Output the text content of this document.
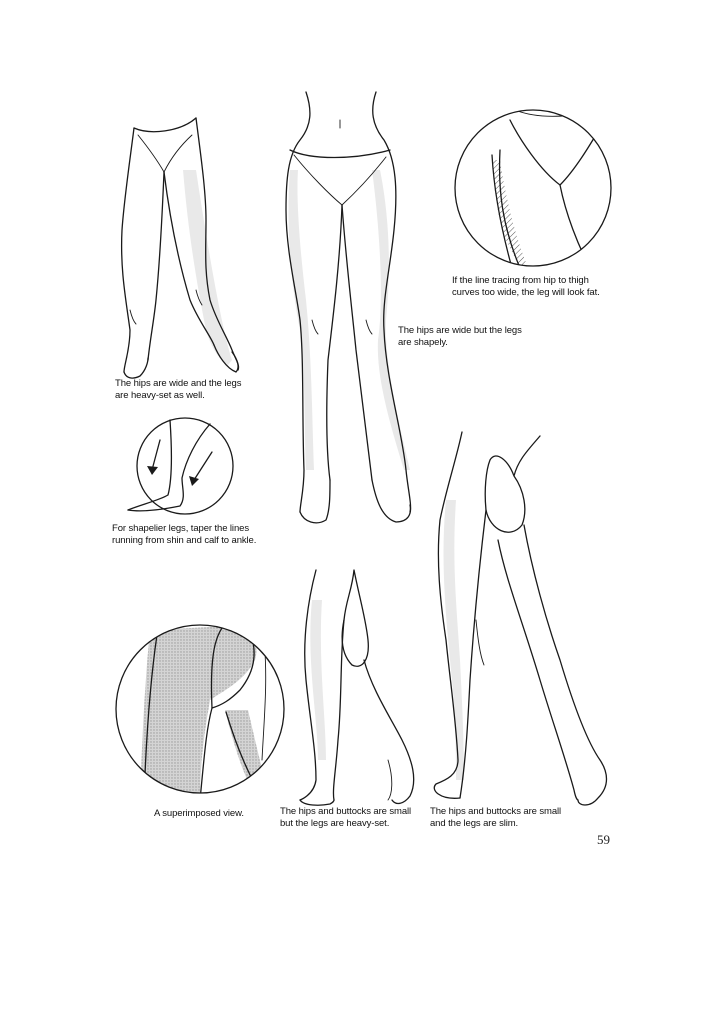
The hips are wide and the legs
are heavy-set as well.
The hips are wide but the legs
are shapely.
If the line tracing from hip to thigh
curves too wide, the leg will look fat.
For shapelier legs, taper the lines
running from shin and calf to ankle.
A superimposed view.	The hips and buttocks are small
but the legs are heavy-set.
The hips and buttocks are small
and the legs are slim.
59
